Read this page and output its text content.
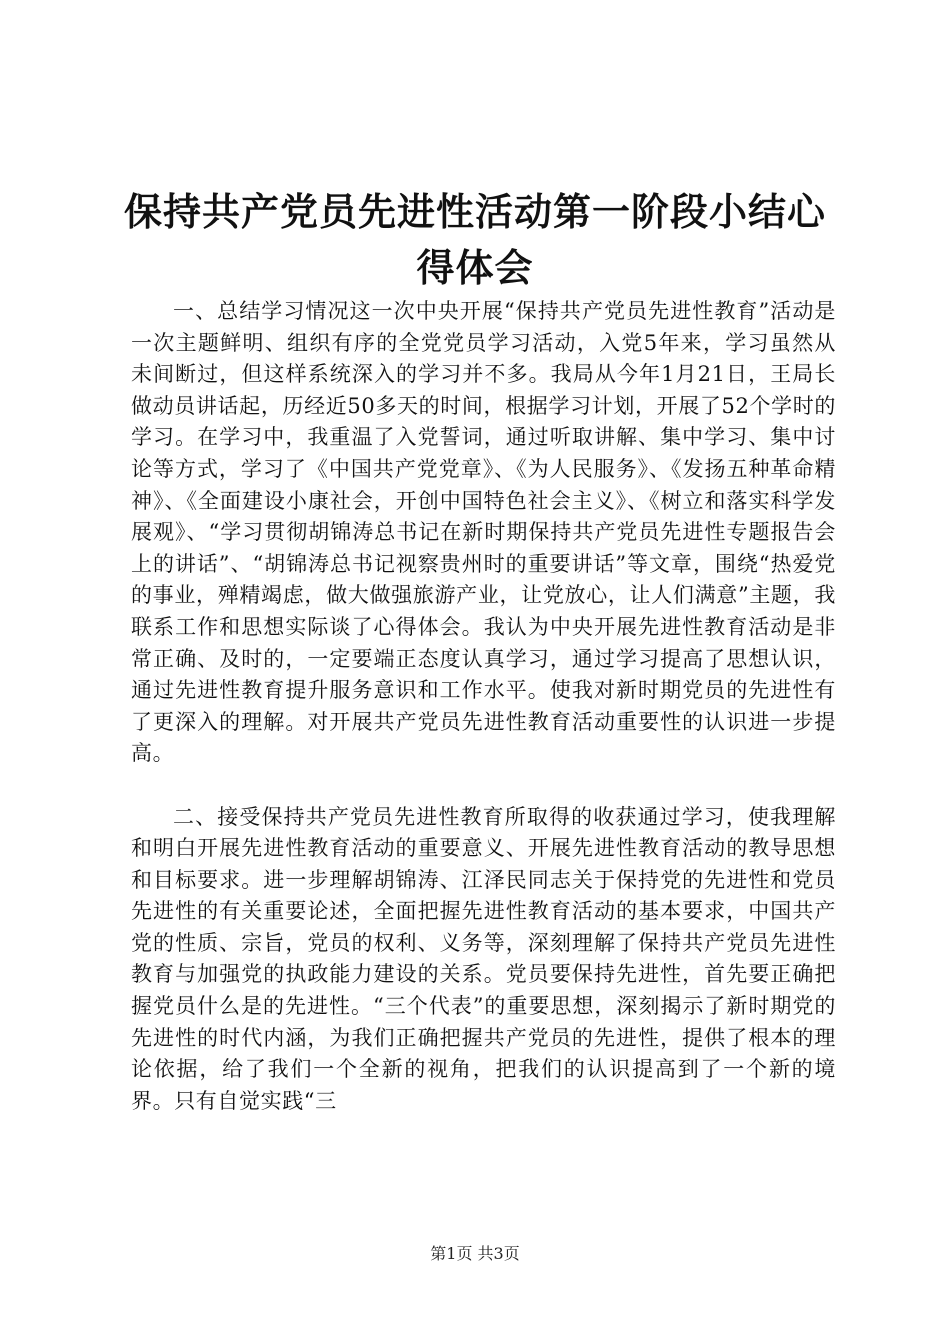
保持共产党员先进性活动第一阶段小结心得体会

一、总结学习情况这一次中央开展“保持共产党员先进性教育”活动是一次主题鲜明、组织有序的全党党员学习活动，入党5年来，学习虽然从未间断过，但这样系统深入的学习并不多。我局从今年1月21日，王局长做动员讲话起，历经近50多天的时间，根据学习计划，开展了52个学时的学习。在学习中，我重温了入党誓词，通过听取讲解、集中学习、集中讨论等方式，学习了《中国共产党党章》、《为人民服务》、《发扬五种革命精神》、《全面建设小康社会，开创中国特色社会主义》、《树立和落实科学发展观》、“学习贯彻胡锦涛总书记在新时期保持共产党员先进性专题报告会上的讲话”、“胡锦涛总书记视察贵州时的重要讲话”等文章，围绕“热爱党的事业，殚精竭虑，做大做强旅游产业，让党放心，让人们满意”主题，我联系工作和思想实际谈了心得体会。我认为中央开展先进性教育活动是非常正确、及时的，一定要端正态度认真学习，通过学习提高了思想认识，通过先进性教育提升服务意识和工作水平。使我对新时期党员的先进性有了更深入的理解。对开展共产党员先进性教育活动重要性的认识进一步提高。

二、接受保持共产党员先进性教育所取得的收获通过学习，使我理解和明白开展先进性教育活动的重要意义、开展先进性教育活动的教导思想和目标要求。进一步理解胡锦涛、江泽民同志关于保持党的先进性和党员先进性的有关重要论述，全面把握先进性教育活动的基本要求，中国共产党的性质、宗旨，党员的权利、义务等，深刻理解了保持共产党员先进性教育与加强党的执政能力建设的关系。党员要保持先进性，首先要正确把握党员什么是的先进性。“三个代表”的重要思想，深刻揭示了新时期党的先进性的时代内涵，为我们正确把握共产党员的先进性，提供了根本的理论依据，给了我们一个全新的视角，把我们的认识提高到了一个新的境界。只有自觉实践“三

第1页 共3页
